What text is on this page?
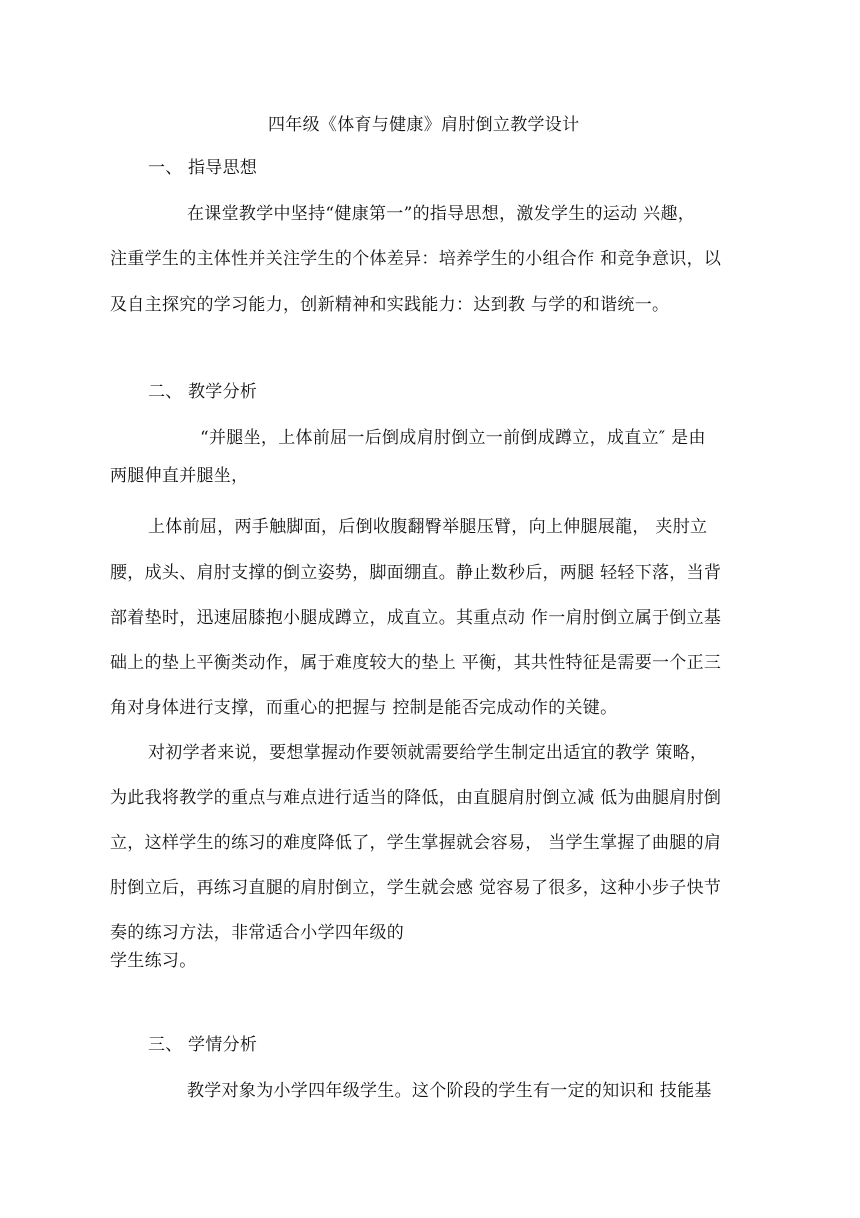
四年级《体育与健康》肩肘倒立教学设计
一、 指导思想
在课堂教学中坚持“健康第一”的指导思想，激发学生的运动 兴趣，
注重学生的主体性并关注学生的个体差异：培养学生的小组合作 和竞争意识，以
及自主探究的学习能力，创新精神和实践能力：达到教 与学的和谐统一。
二、 教学分析
“并腿坐，上体前屈一后倒成肩肘倒立一前倒成蹲立，成直立″ 是由
两腿伸直并腿坐，
上体前屈，两手触脚面，后倒收腹翻臀举腿压臂，向上伸腿展龍， 夹肘立
腰，成头、肩肘支撑的倒立姿势，脚面绷直。静止数秒后，两腿 轻轻下落，当背
部着垫时，迅速屈膝抱小腿成蹲立，成直立。其重点动 作一肩肘倒立属于倒立基
础上的垫上平衡类动作，属于难度较大的垫上 平衡，其共性特征是需要一个正三
角对身体进行支撑，而重心的把握与 控制是能否完成动作的关键。
对初学者来说，要想掌握动作要领就需要给学生制定出适宜的教学 策略，
为此我将教学的重点与难点进行适当的降低，由直腿肩肘倒立减 低为曲腿肩肘倒
立，这样学生的练习的难度降低了，学生掌握就会容易， 当学生掌握了曲腿的肩
肘倒立后，再练习直腿的肩肘倒立，学生就会感 觉容易了很多，这种小步子快节
奏的练习方法，非常适合小学四年级的
学生练习。
三、 学情分析
教学对象为小学四年级学生。这个阶段的学生有一定的知识和 技能基
